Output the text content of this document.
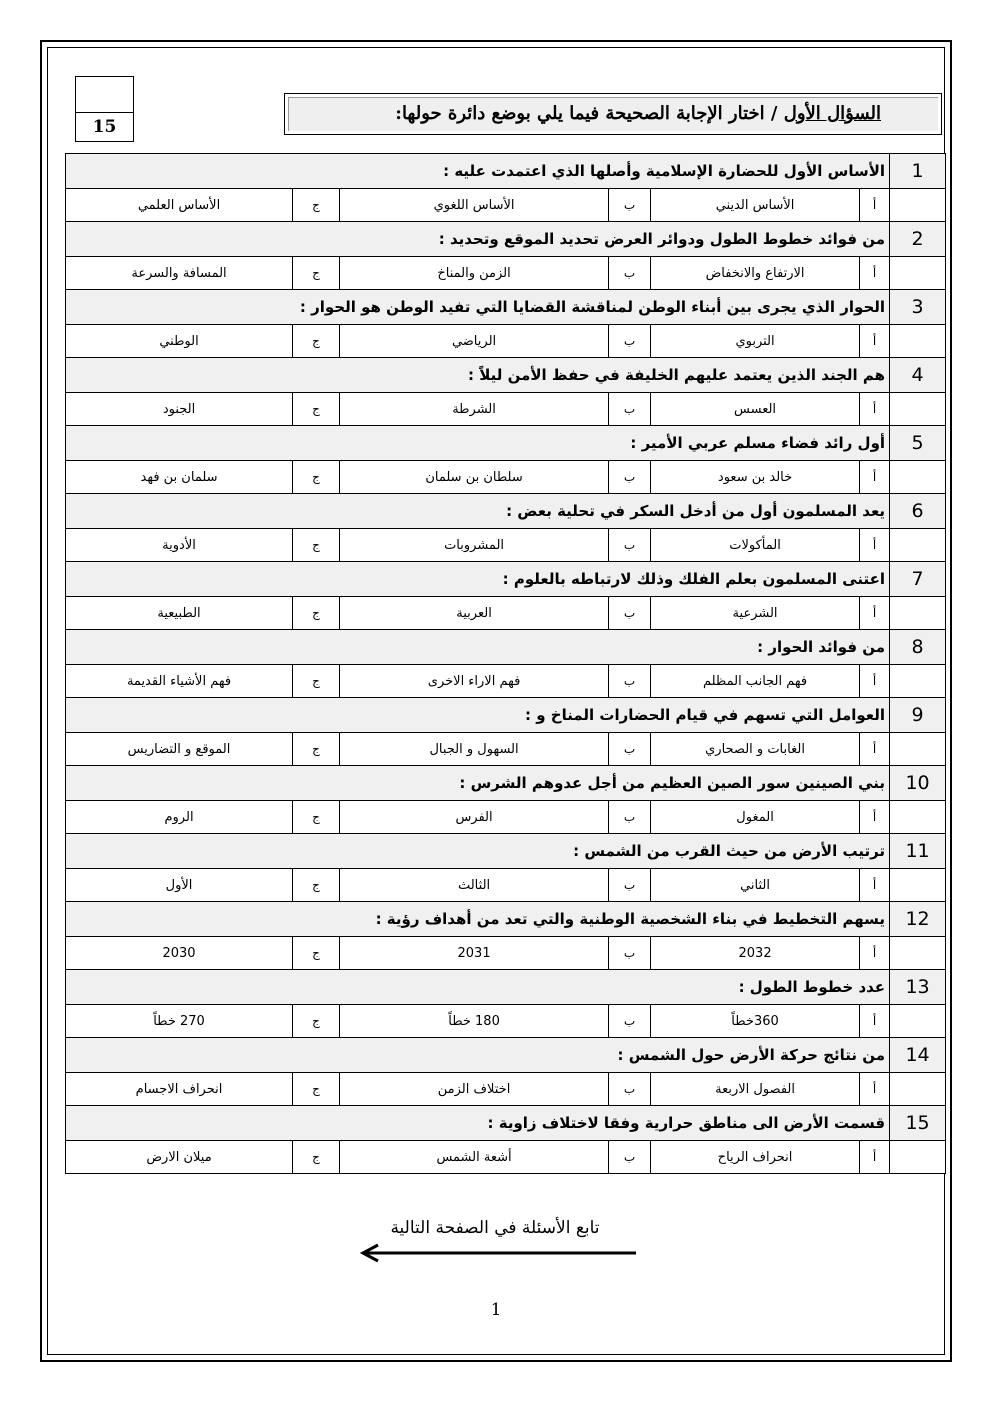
15
السؤال الأول / اختار الإجابة الصحيحة فيما يلي بوضع دائرة حولها:
1	الأساس الأول للحضارة الإسلامية وأصلها الذي اعتمدت عليه :					
	أ	الأساس الديني	ب	الأساس اللغوي	ج	الأساس العلمي
2	من فوائد خطوط الطول ودوائر العرض تحديد الموقع وتحديد :					
	أ	الارتفاع والانخفاض	ب	الزمن والمناخ	ج	المسافة والسرعة
3	الحوار الذي يجرى بين أبناء الوطن لمناقشة القضايا التي تفيد الوطن هو الحوار :					
	أ	التربوي	ب	الرياضي	ج	الوطني
4	هم الجند الذين يعتمد عليهم الخليفة في حفظ الأمن ليلاً :					
	أ	العسس	ب	الشرطة	ج	الجنود
5	أول رائد فضاء مسلم عربي الأمير :					
	أ	خالد بن سعود	ب	سلطان بن سلمان	ج	سلمان بن فهد
6	يعد المسلمون أول من أدخل السكر في تحلية بعض :					
	أ	المأكولات	ب	المشروبات	ج	الأدوية
7	اعتنى المسلمون بعلم الفلك وذلك لارتباطه بالعلوم :					
	أ	الشرعية	ب	العربية	ج	الطبيعية
8	من فوائد الحوار :					
	أ	فهم الجانب المظلم	ب	فهم الاراء الاخرى	ج	فهم الأشياء القديمة
9	العوامل التي تسهم في قيام الحضارات المناخ و :					
	أ	الغابات و الصحاري	ب	السهول و الجبال	ج	الموقع و التضاريس
10	بني الصينين سور الصين العظيم من أجل عدوهم الشرس :					
	أ	المغول	ب	الفرس	ج	الروم
11	ترتيب الأرض من حيث القرب من الشمس :					
	أ	الثاني	ب	الثالث	ج	الأول
12	يسهم التخطيط في بناء الشخصية الوطنية والتي تعد من أهداف رؤية :					
	أ	2032	ب	2031	ج	2030
13	عدد خطوط الطول :					
	أ	360خطاً	ب	180 خطاً	ج	270 خطاً
14	من نتائج حركة الأرض حول الشمس :					
	أ	الفصول الاربعة	ب	اختلاف الزمن	ج	انحراف الاجسام
15	قسمت الأرض الى مناطق حرارية وفقا لاختلاف زاوية :					
	أ	انحراف الرياح	ب	أشعة الشمس	ج	ميلان الارض
تابع الأسئلة في الصفحة التالية
1
